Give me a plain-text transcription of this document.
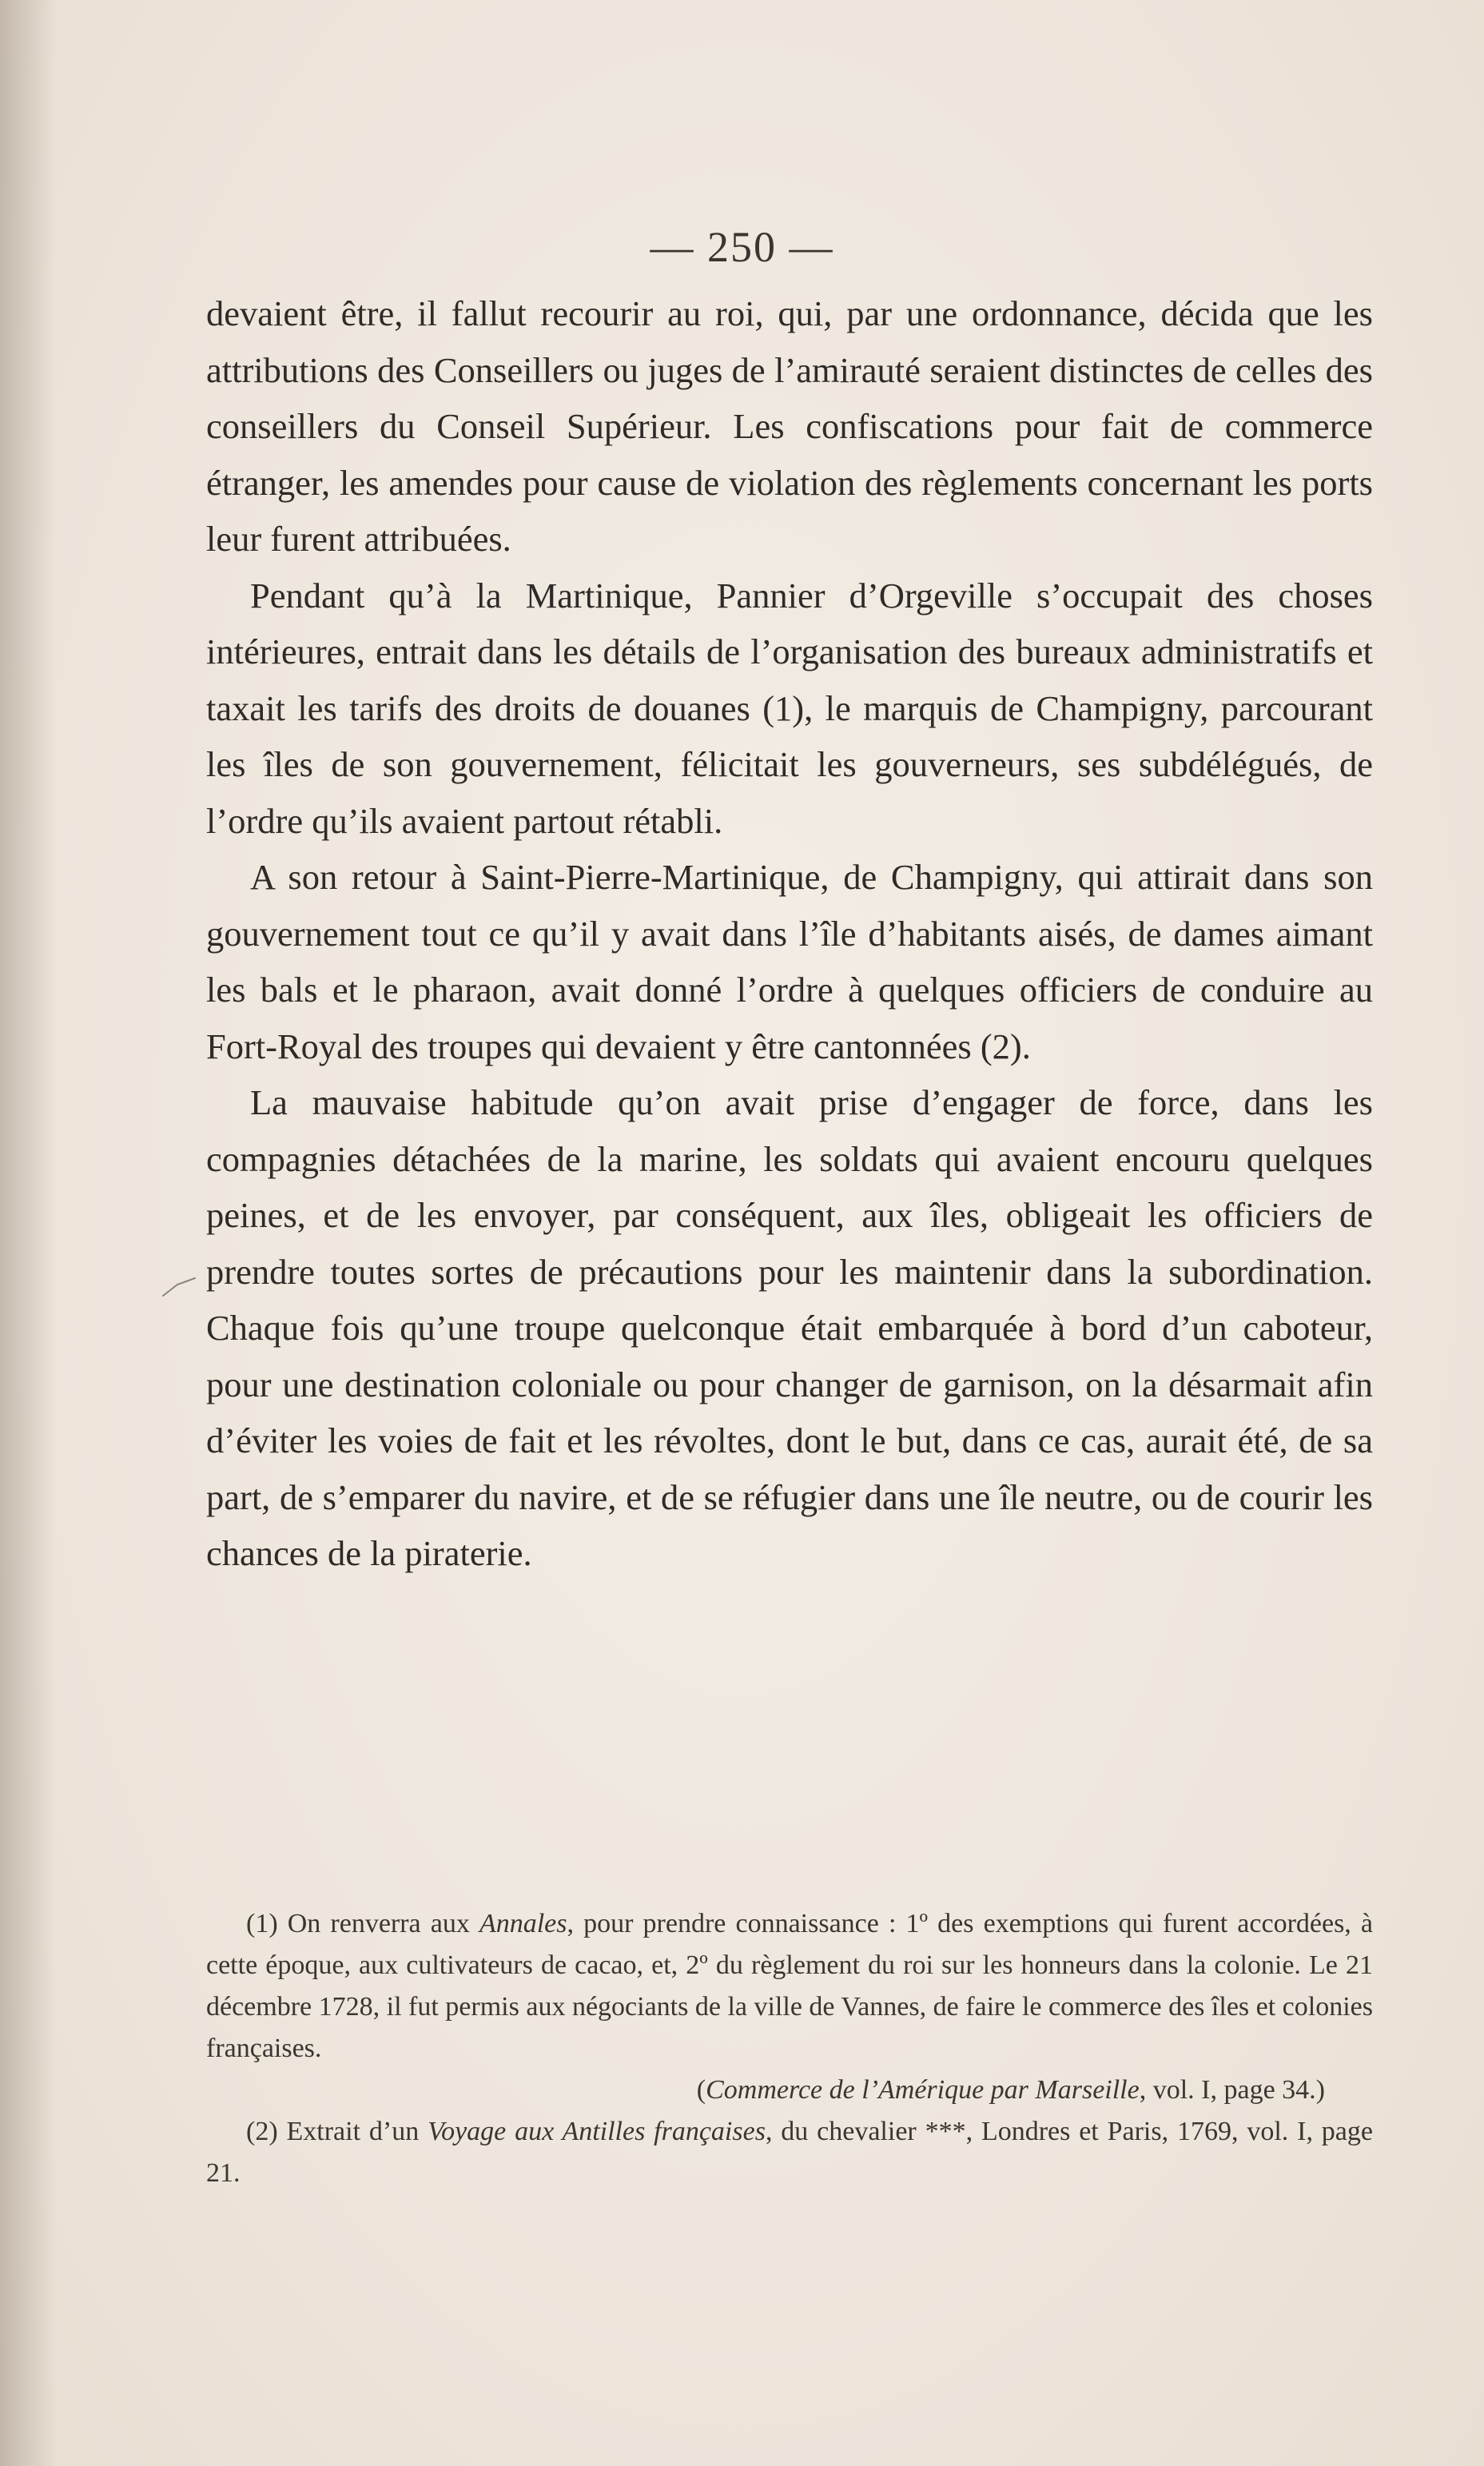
— 250 —

devaient être, il fallut recourir au roi, qui, par une ordonnance, décida que les attributions des Conseillers ou juges de l’amirauté seraient distinctes de celles des conseillers du Conseil Supérieur. Les confiscations pour fait de commerce étranger, les amendes pour cause de violation des règlements concernant les ports leur furent attribuées.

Pendant qu’à la Martinique, Pannier d’Orgeville s’occupait des choses intérieures, entrait dans les détails de l’organisation des bureaux administratifs et taxait les tarifs des droits de douanes (1), le marquis de Champigny, parcourant les îles de son gouvernement, félicitait les gouverneurs, ses subdélégués, de l’ordre qu’ils avaient partout rétabli.

A son retour à Saint-Pierre-Martinique, de Champigny, qui attirait dans son gouvernement tout ce qu’il y avait dans l’île d’habitants aisés, de dames aimant les bals et le pharaon, avait donné l’ordre à quelques officiers de conduire au Fort-Royal des troupes qui devaient y être cantonnées (2).

La mauvaise habitude qu’on avait prise d’engager de force, dans les compagnies détachées de la marine, les soldats qui avaient encouru quelques peines, et de les envoyer, par conséquent, aux îles, obligeait les officiers de prendre toutes sortes de précautions pour les maintenir dans la subordination. Chaque fois qu’une troupe quelconque était embarquée à bord d’un caboteur, pour une destination coloniale ou pour changer de garnison, on la désarmait afin d’éviter les voies de fait et les révoltes, dont le but, dans ce cas, aurait été, de sa part, de s’emparer du navire, et de se réfugier dans une île neutre, ou de courir les chances de la piraterie.

(1) On renverra aux Annales, pour prendre connaissance : 1º des exemptions qui furent accordées, à cette époque, aux cultivateurs de cacao, et, 2º du règlement du roi sur les honneurs dans la colonie. Le 21 décembre 1728, il fut permis aux négociants de la ville de Vannes, de faire le commerce des îles et colonies françaises.

(Commerce de l’Amérique par Marseille, vol. I, page 34.)

(2) Extrait d’un Voyage aux Antilles françaises, du chevalier ***, Londres et Paris, 1769, vol. I, page 21.
